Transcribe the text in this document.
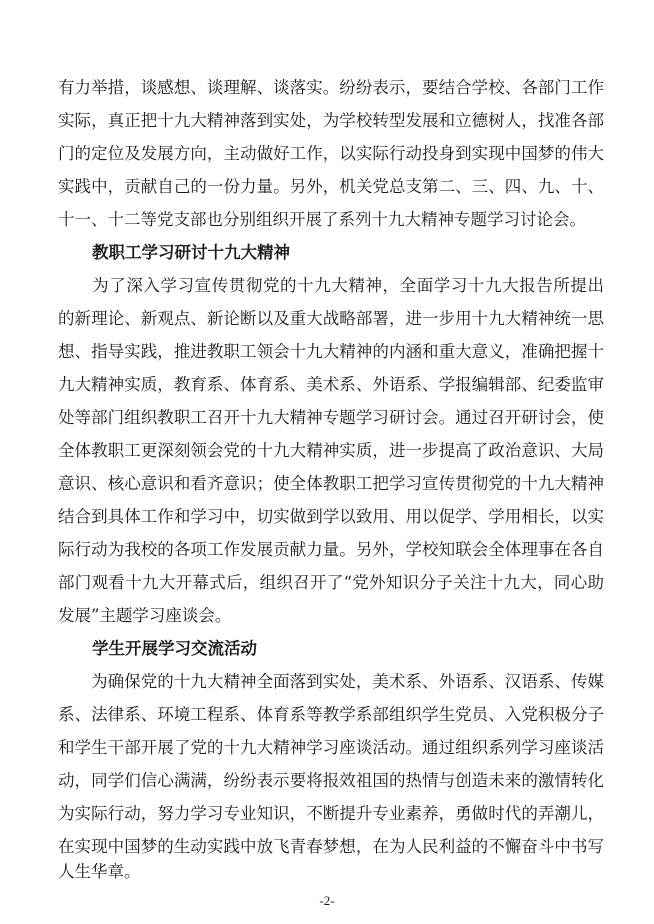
有力举措，谈感想、谈理解、谈落实。纷纷表示，要结合学校、各部门工作
实际，真正把十九大精神落到实处，为学校转型发展和立德树人，找准各部
门的定位及发展方向，主动做好工作，以实际行动投身到实现中国梦的伟大
实践中，贡献自己的一份力量。另外，机关党总支第二、三、四、九、十、
十一、十二等党支部也分别组织开展了系列十九大精神专题学习讨论会。
教职工学习研讨十九大精神
　　为了深入学习宣传贯彻党的十九大精神，全面学习十九大报告所提出
的新理论、新观点、新论断以及重大战略部署，进一步用十九大精神统一思
想、指导实践，推进教职工领会十九大精神的内涵和重大意义，准确把握十
九大精神实质，教育系、体育系、美术系、外语系、学报编辑部、纪委监审
处等部门组织教职工召开十九大精神专题学习研讨会。通过召开研讨会，使
全体教职工更深刻领会党的十九大精神实质，进一步提高了政治意识、大局
意识、核心意识和看齐意识；使全体教职工把学习宣传贯彻党的十九大精神
结合到具体工作和学习中，切实做到学以致用、用以促学、学用相长，以实
际行动为我校的各项工作发展贡献力量。另外，学校知联会全体理事在各自
部门观看十九大开幕式后，组织召开了“党外知识分子关注十九大，同心助
发展”主题学习座谈会。
学生开展学习交流活动
　　为确保党的十九大精神全面落到实处，美术系、外语系、汉语系、传媒
系、法律系、环境工程系、体育系等教学系部组织学生党员、入党积极分子
和学生干部开展了党的十九大精神学习座谈活动。通过组织系列学习座谈活
动，同学们信心满满，纷纷表示要将报效祖国的热情与创造未来的激情转化
为实际行动，努力学习专业知识，不断提升专业素养，勇做时代的弄潮儿，
在实现中国梦的生动实践中放飞青春梦想，在为人民利益的不懈奋斗中书写
人生华章。
-2-
